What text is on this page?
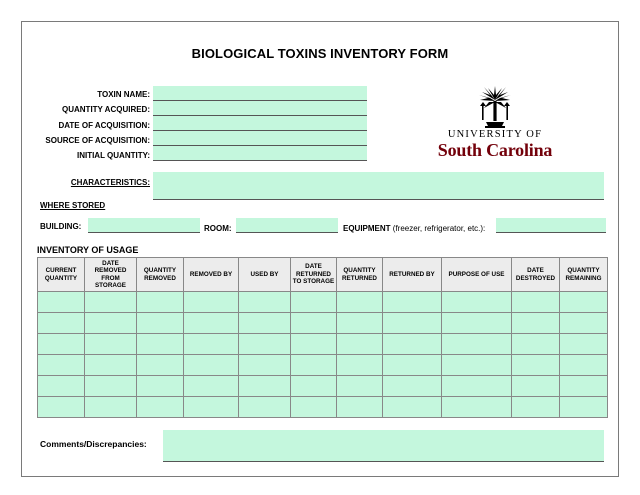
BIOLOGICAL TOXINS INVENTORY FORM
TOXIN NAME:
QUANTITY ACQUIRED:
DATE OF ACQUISITION:
SOURCE OF ACQUISITION:
INITIAL QUANTITY:
CHARACTERISTICS:
UNIVERSITY OF
South Carolina
WHERE STORED
BUILDING:	ROOM:	EQUIPMENT (freezer, refrigerator, etc.):
INVENTORY OF USAGE
CURRENT QUANTITY	DATE REMOVED FROM STORAGE	QUANTITY REMOVED	REMOVED BY	USED BY	DATE RETURNED TO STORAGE	QUANTITY RETURNED	RETURNED BY	PURPOSE OF USE	DATE DESTROYED	QUANTITY REMAINING

Comments/Discrepancies:
